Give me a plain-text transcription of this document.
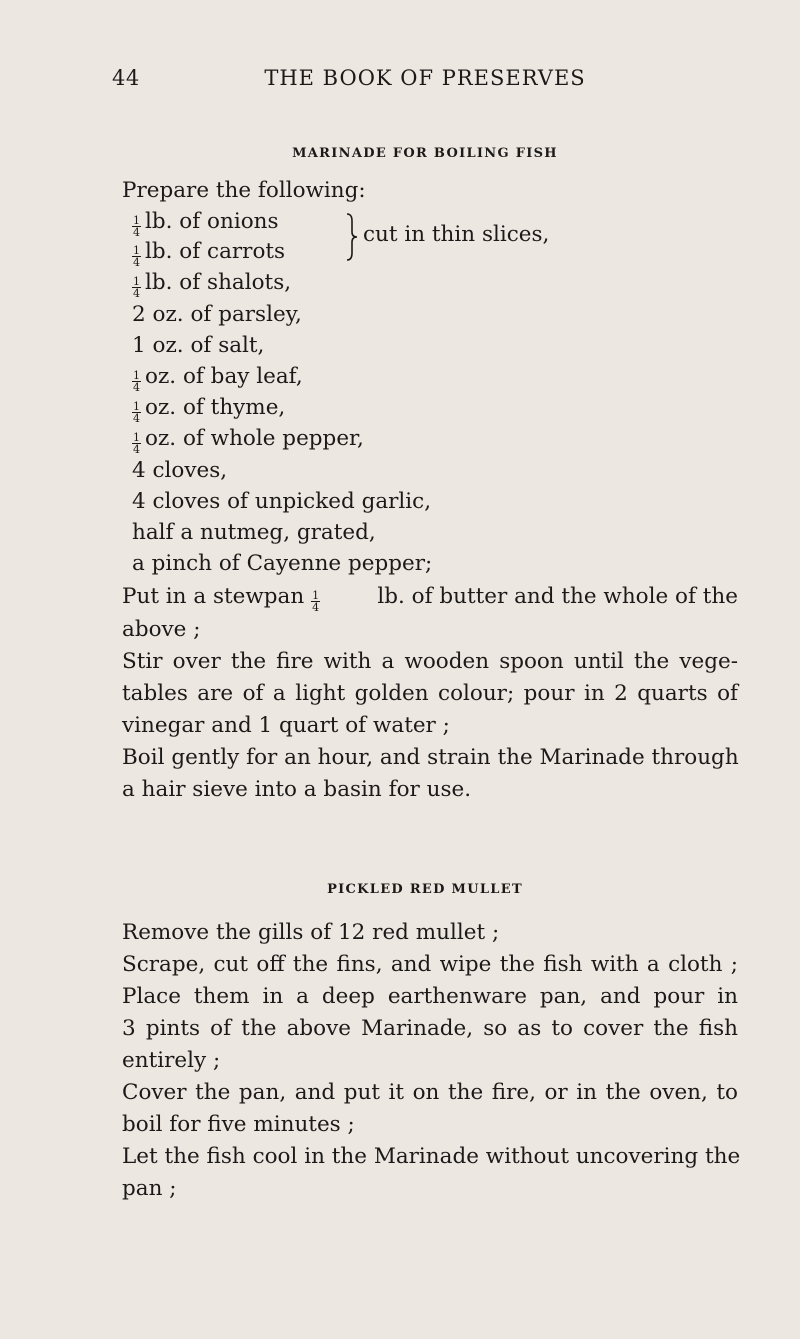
44	THE BOOK OF PRESERVES
MARINADE FOR BOILING FISH
Prepare the following:
$\frac{1}{4}$ lb. of onions
$\frac{1}{4}$ lb. of carrots
cut in thin slices,
$\frac{1}{4}$ lb. of shalots,
2 oz. of parsley,
1 oz. of salt,
$\frac{1}{4}$ oz. of bay leaf,
$\frac{1}{4}$ oz. of thyme,
$\frac{1}{4}$ oz. of whole pepper,
4 cloves,
4 cloves of unpicked garlic,
half a nutmeg, grated,
a pinch of Cayenne pepper;
Put in a stewpan $\frac{1}{4}$	lb. of butter and the whole of the
above ;
Stir over the fire with a wooden spoon until the vege-
tables are of a light golden colour; pour in 2 quarts of
vinegar and 1 quart of water ;
Boil gently for an hour, and strain the Marinade through
a hair sieve into a basin for use.
PICKLED RED MULLET
Remove the gills of 12 red mullet ;
Scrape, cut off the fins, and wipe the fish with a cloth ;
Place them in a deep earthenware pan, and pour in
3 pints of the above Marinade, so as to cover the fish
entirely ;
Cover the pan, and put it on the fire, or in the oven, to
boil for five minutes ;
Let the fish cool in the Marinade without uncovering the
pan ;
